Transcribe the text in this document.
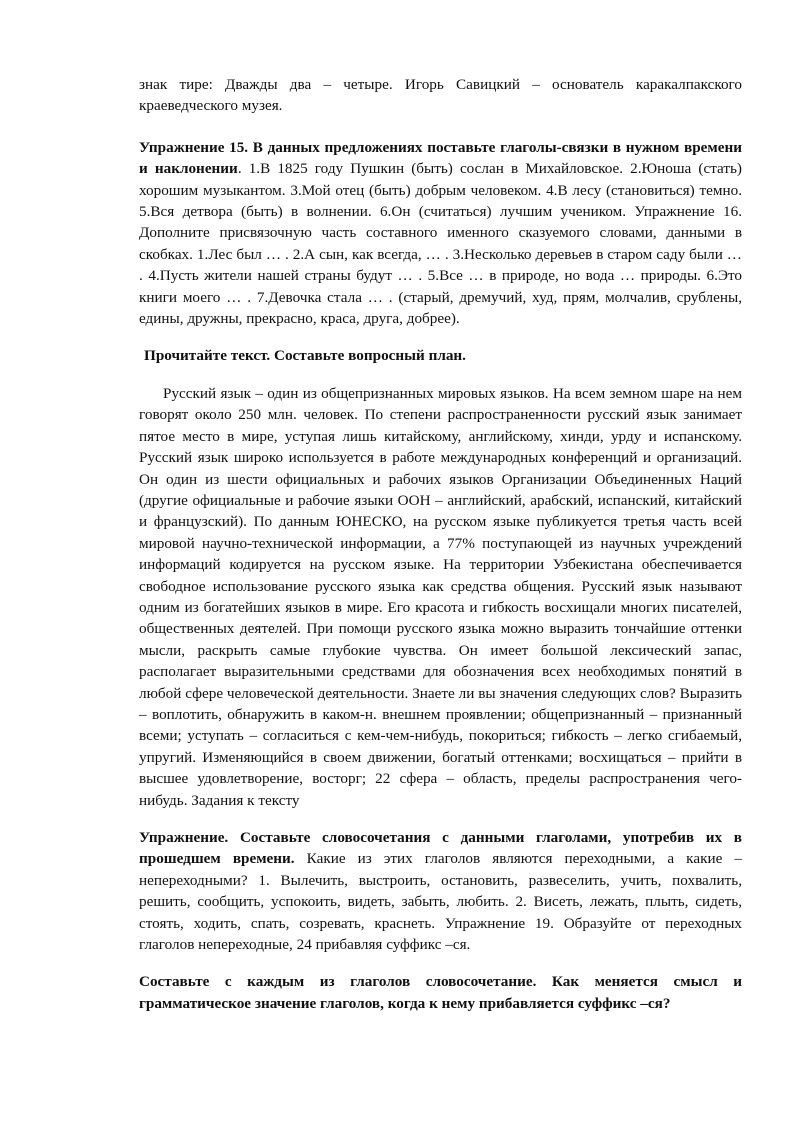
знак тире: Дважды два – четыре. Игорь Савицкий – основатель каракалпакского краеведческого музея.

Упражнение 15. В данных предложениях поставьте глаголы-связки в нужном времени и наклонении. 1.В 1825 году Пушкин (быть) сослан в Михайловское. 2.Юноша (стать) хорошим музыкантом. 3.Мой отец (быть) добрым человеком. 4.В лесу (становиться) темно. 5.Вся детвора (быть) в волнении. 6.Он (считаться) лучшим учеником. Упражнение 16. Дополните присвязочную часть составного именного сказуемого словами, данными в скобках. 1.Лес был … . 2.А сын, как всегда, … . 3.Несколько деревьев в старом саду были … . 4.Пусть жители нашей страны будут … . 5.Все … в природе, но вода … природы. 6.Это книги моего … . 7.Девочка стала … . (старый, дремучий, худ, прям, молчалив, срублены, едины, дружны, прекрасно, краса, друга, добрее).

Прочитайте текст. Составьте вопросный план.

Русский язык – один из общепризнанных мировых языков. На всем земном шаре на нем говорят около 250 млн. человек. По степени распространенности русский язык занимает пятое место в мире, уступая лишь китайскому, английскому, хинди, урду и испанскому. Русский язык широко используется в работе международных конференций и организаций. Он один из шести официальных и рабочих языков Организации Объединенных Наций (другие официальные и рабочие языки ООН – английский, арабский, испанский, китайский и французский). По данным ЮНЕСКО, на русском языке публикуется третья часть всей мировой научно-технической информации, а 77% поступающей из научных учреждений информаций кодируется на русском языке. На территории Узбекистана обеспечивается свободное использование русского языка как средства общения. Русский язык называют одним из богатейших языков в мире. Его красота и гибкость восхищали многих писателей, общественных деятелей. При помощи русского языка можно выразить тончайшие оттенки мысли, раскрыть самые глубокие чувства. Он имеет большой лексический запас, располагает выразительными средствами для обозначения всех необходимых понятий в любой сфере человеческой деятельности. Знаете ли вы значения следующих слов? Выразить – воплотить, обнаружить в каком-н. внешнем проявлении; общепризнанный – признанный всеми; уступать – согласиться с кем-чем-нибудь, покориться; гибкость – легко сгибаемый, упругий. Изменяющийся в своем движении, богатый оттенками; восхищаться – прийти в высшее удовлетворение, восторг; 22 сфера – область, пределы распространения чего-нибудь. Задания к тексту

Упражнение. Составьте словосочетания с данными глаголами, употребив их в прошедшем времени. Какие из этих глаголов являются переходными, а какие – непереходными? 1. Вылечить, выстроить, остановить, развеселить, учить, похвалить, решить, сообщить, успокоить, видеть, забыть, любить. 2. Висеть, лежать, плыть, сидеть, стоять, ходить, спать, созревать, краснеть. Упражнение 19. Образуйте от переходных глаголов непереходные, 24 прибавляя суффикс –ся.

Составьте с каждым из глаголов словосочетание. Как меняется смысл и грамматическое значение глаголов, когда к нему прибавляется суффикс –ся?
